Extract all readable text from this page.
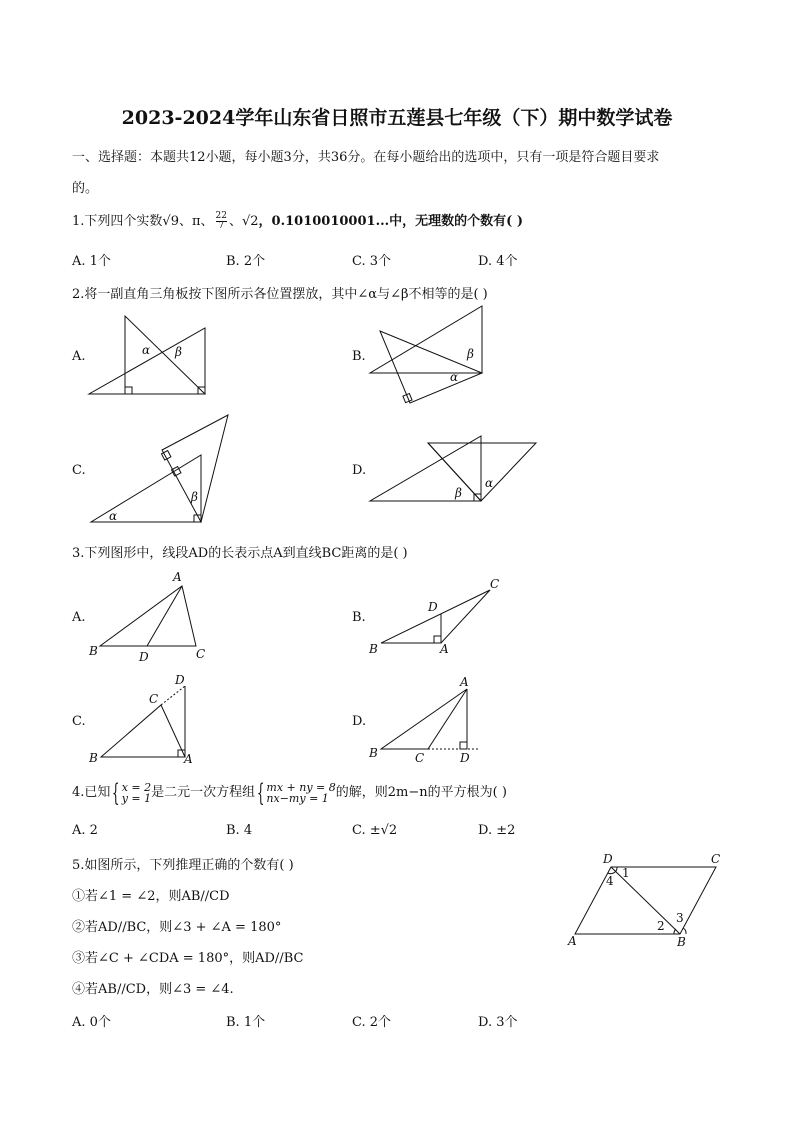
2023-2024学年山东省日照市五莲县七年级（下）期中数学试卷
一、选择题：本题共12小题，每小题3分，共36分。在每小题给出的选项中，只有一项是符合题目要求
的。
1.下列四个实数√9、π、 $\frac{22}{7}$ 、√2，0.1010010001...中，无理数的个数有( )
A. 1个	B. 2个	C. 3个	D. 4个
2.将一副直角三角板按下图所示各位置摆放，其中∠α与∠β不相等的是( )
A.	α β	B.	β
α
C.
α
β
D.
β
α
3.下列图形中，线段AD的长表示点A到直线BC距离的是( )
A.
A
B	D	C
B.
D
C
B	A
C.
D
C
B	A
D.
A
B	C	D
4.已知{ x = 2
y = 1 是二元一次方程组{ mx + ny = 8
nx−my = 1 的解，则2m−n的平方根为( )
A. 2	B. 4	C. ±√2	D. ±2
5.如图所示，下列推理正确的个数有( )
①若∠1 = ∠2，则AB//CD
②若AD//BC，则∠3 + ∠A = 180°
③若∠C + ∠CDA = 180°，则AD//BC
④若AB//CD，则∠3 = ∠4.
A. 0个	B. 1个	C. 2个	D. 3个
D	C
A	B
1
4
2
3
